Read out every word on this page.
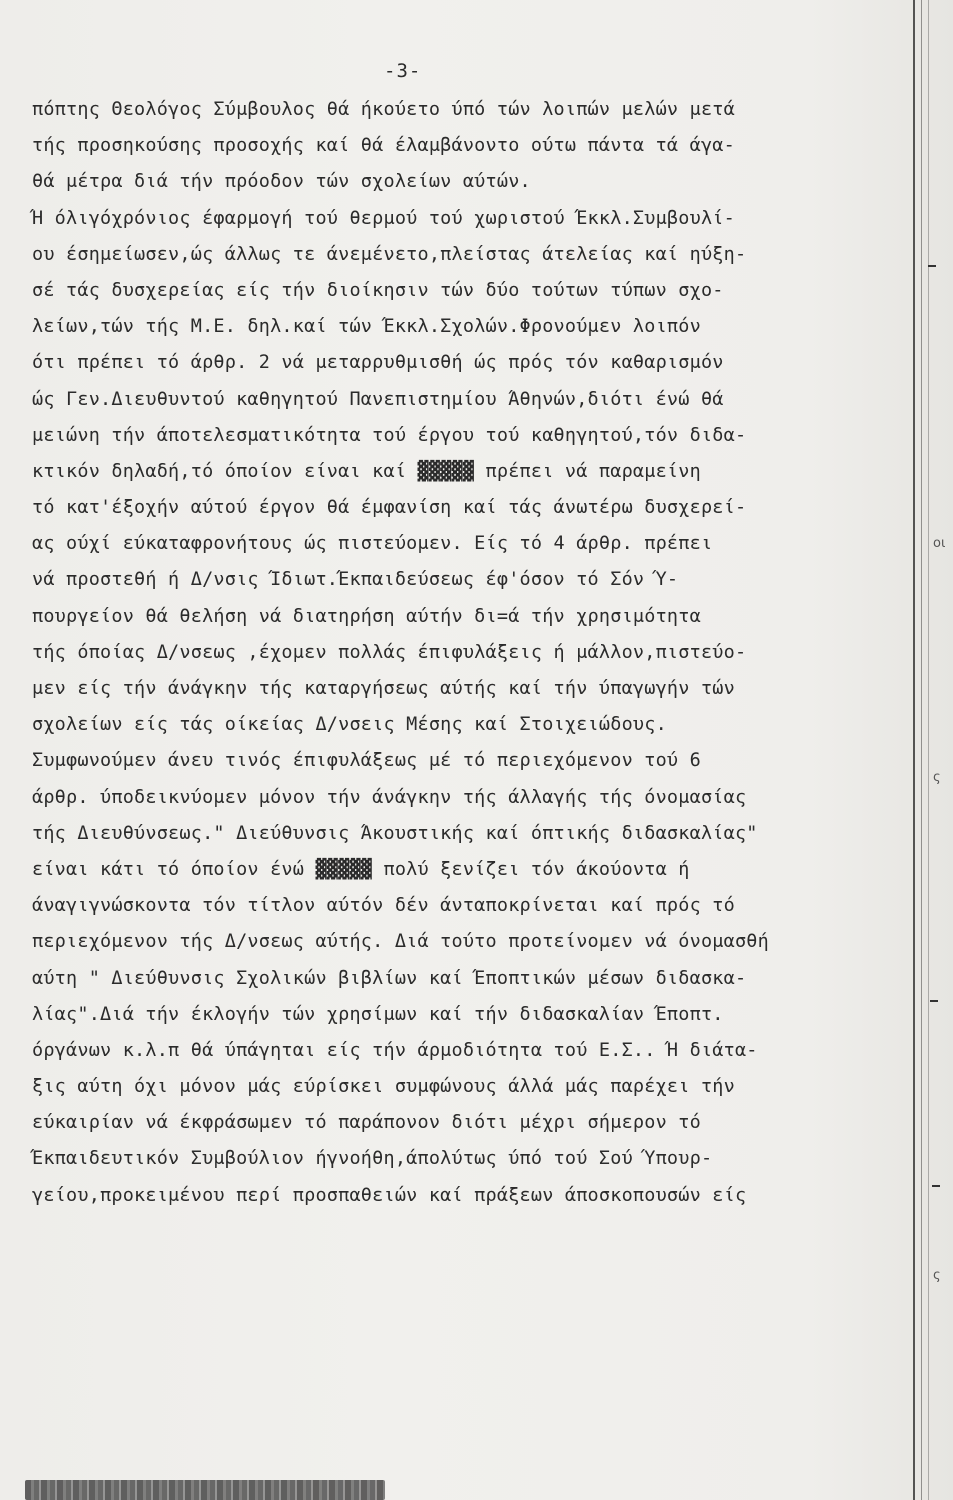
οι
ς
ς
-3-
πόπτης Θεολόγος Σύμβουλος θά ήκούετο ύπό τών λοιπών μελών μετά
τής προσηκούσης προσοχής καί θά έλαμβάνοντο ούτω πάντα τά άγα-
θά μέτρα διά τήν πρόοδον τών σχολείων αύτών.
Ή όλιγόχρόνιος έφαρμογή τού θερμού τού χωριστού Έκκλ.Συμβουλί-
ου έσημείωσεν,ώς άλλως τε άνεμένετο,πλείστας άτελείας καί ηύξη-
σέ τάς δυσχερείας είς τήν διοίκησιν τών δύο τούτων τύπων σχο-
λείων,τών τής Μ.Ε. δηλ.καί τών Έκκλ.Σχολών.Φρονούμεν λοιπόν
ότι πρέπει τό άρθρ. 2 νά μεταρρυθμισθή ώς πρός τόν καθαρισμόν
ώς Γεν.Διευθυντού καθηγητού Πανεπιστημίου Άθηνών,διότι ένώ θά
μειώνη τήν άποτελεσματικότητα τού έργου τού καθηγητού,τόν διδα-
κτικόν δηλαδή,τό όποίον είναι καί ▓▓▓▓▓ πρέπει νά παραμείνη
τό κατ'έξοχήν αύτού έργον θά έμφανίση καί τάς άνωτέρω δυσχερεί-
ας ούχί εύκαταφρονήτους ώς πιστεύομεν. Είς τό 4 άρθρ. πρέπει
νά προστεθή ή Δ/νσις Ίδιωτ.Έκπαιδεύσεως έφ'όσον τό Σόν Ύ-
πουργείον θά θελήση νά διατηρήση αύτήν δι=ά τήν χρησιμότητα
τής όποίας Δ/νσεως ,έχομεν πολλάς έπιφυλάξεις ή μάλλον,πιστεύο-
μεν είς τήν άνάγκην τής καταργήσεως αύτής καί τήν ύπαγωγήν τών
σχολείων είς τάς οίκείας Δ/νσεις Μέσης καί Στοιχειώδους.
Συμφωνούμεν άνευ τινός έπιφυλάξεως μέ τό περιεχόμενον τού 6
άρθρ. ύποδεικνύομεν μόνον τήν άνάγκην τής άλλαγής τής όνομασίας
τής Διευθύνσεως." Διεύθυνσις Άκουστικής καί όπτικής διδασκαλίας"
είναι κάτι τό όποίον ένώ ▓▓▓▓▓ πολύ ξενίζει τόν άκούοντα ή
άναγιγνώσκοντα τόν τίτλον αύτόν δέν άνταποκρίνεται καί πρός τό
περιεχόμενον τής Δ/νσεως αύτής. Διά τούτο προτείνομεν νά όνομασθή
αύτη " Διεύθυνσις Σχολικών βιβλίων καί Έποπτικών μέσων διδασκα-
λίας".Διά τήν έκλογήν τών χρησίμων καί τήν διδασκαλίαν Έποπτ.
όργάνων κ.λ.π θά ύπάγηται είς τήν άρμοδιότητα τού Ε.Σ.. Ή διάτα-
ξις αύτη όχι μόνον μάς εύρίσκει συμφώνους άλλά μάς παρέχει τήν
εύκαιρίαν νά έκφράσωμεν τό παράπονον διότι μέχρι σήμερον τό
Έκπαιδευτικόν Συμβούλιον ήγνοήθη,άπολύτως ύπό τού Σού Ύπουρ-
γείου,προκειμένου περί προσπαθειών καί πράξεων άποσκοπουσών είς
